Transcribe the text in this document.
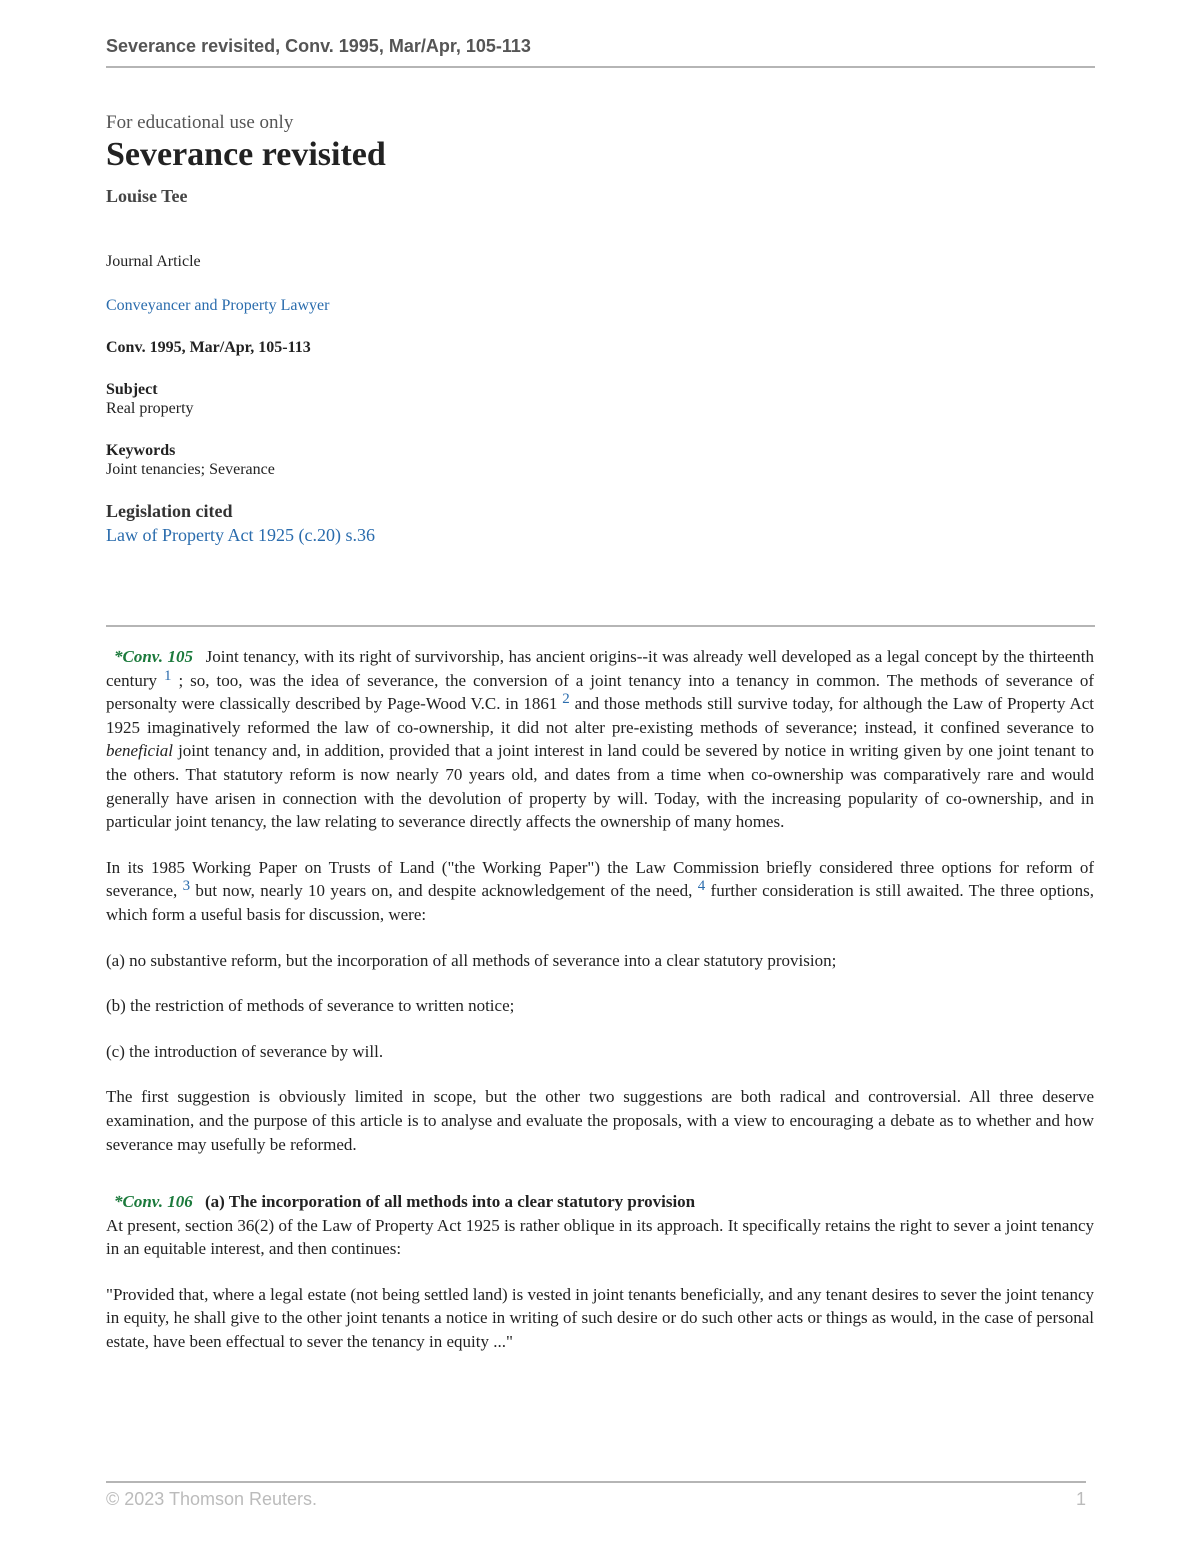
Severance revisited, Conv. 1995, Mar/Apr, 105-113
For educational use only
Severance revisited
Louise Tee
Journal Article
Conveyancer and Property Lawyer
Conv. 1995, Mar/Apr, 105-113
Subject
Real property
Keywords
Joint tenancies; Severance
Legislation cited
Law of Property Act 1925 (c.20) s.36

*Conv. 105 Joint tenancy, with its right of survivorship, has ancient origins--it was already well developed as a legal concept by the thirteenth century $^1$ ; so, too, was the idea of severance, the conversion of a joint tenancy into a tenancy in common. The methods of severance of personalty were classically described by Page-Wood V.C. in 1861 $^2$ and those methods still survive today, for although the Law of Property Act 1925 imaginatively reformed the law of co-ownership, it did not alter pre-existing methods of severance; instead, it confined severance to beneficial joint tenancy and, in addition, provided that a joint interest in land could be severed by notice in writing given by one joint tenant to the others. That statutory reform is now nearly 70 years old, and dates from a time when co-ownership was comparatively rare and would generally have arisen in connection with the devolution of property by will. Today, with the increasing popularity of co-ownership, and in particular joint tenancy, the law relating to severance directly affects the ownership of many homes.

In its 1985 Working Paper on Trusts of Land ("the Working Paper") the Law Commission briefly considered three options for reform of severance, $^3$ but now, nearly 10 years on, and despite acknowledgement of the need, $^4$ further consideration is still awaited. The three options, which form a useful basis for discussion, were:

(a) no substantive reform, but the incorporation of all methods of severance into a clear statutory provision;

(b) the restriction of methods of severance to written notice;

(c) the introduction of severance by will.

The first suggestion is obviously limited in scope, but the other two suggestions are both radical and controversial. All three deserve examination, and the purpose of this article is to analyse and evaluate the proposals, with a view to encouraging a debate as to whether and how severance may usefully be reformed.

*Conv. 106 (a) The incorporation of all methods into a clear statutory provision

At present, section 36(2) of the Law of Property Act 1925 is rather oblique in its approach. It specifically retains the right to sever a joint tenancy in an equitable interest, and then continues:

"Provided that, where a legal estate (not being settled land) is vested in joint tenants beneficially, and any tenant desires to sever the joint tenancy in equity, he shall give to the other joint tenants a notice in writing of such desire or do such other acts or things as would, in the case of personal estate, have been effectual to sever the tenancy in equity ..."

© 2023 Thomson Reuters.	1
